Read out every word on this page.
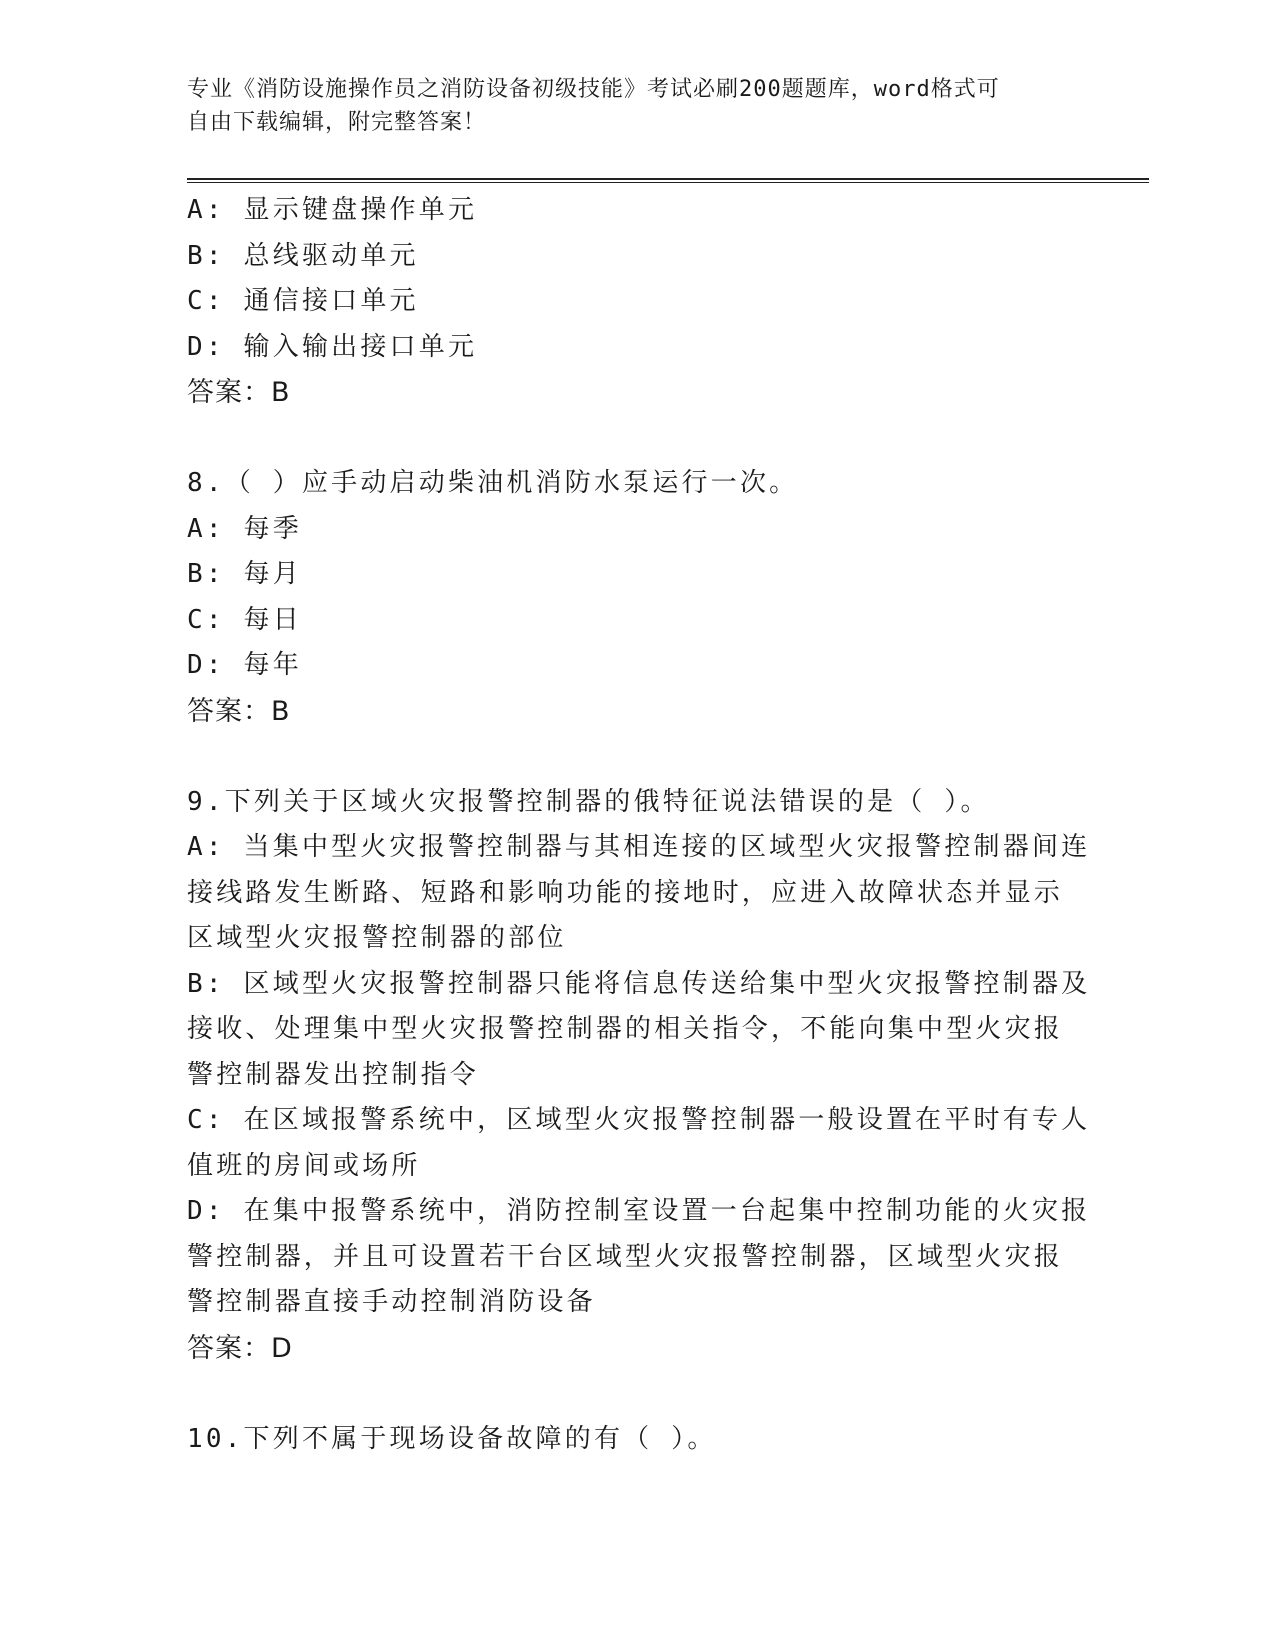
专业《消防设施操作员之消防设备初级技能》考试必刷200题题库，word格式可
自由下载编辑，附完整答案！
A: 显示键盘操作单元
B: 总线驱动单元
C: 通信接口单元
D: 输入输出接口单元
答案：B
8.（ ）应手动启动柴油机消防水泵运行一次。
A: 每季
B: 每月
C: 每日
D: 每年
答案：B
9.下列关于区域火灾报警控制器的俄特征说法错误的是（ ）。
A: 当集中型火灾报警控制器与其相连接的区域型火灾报警控制器间连
接线路发生断路、短路和影响功能的接地时，应进入故障状态并显示
区域型火灾报警控制器的部位
B: 区域型火灾报警控制器只能将信息传送给集中型火灾报警控制器及
接收、处理集中型火灾报警控制器的相关指令，不能向集中型火灾报
警控制器发出控制指令
C: 在区域报警系统中，区域型火灾报警控制器一般设置在平时有专人
值班的房间或场所
D: 在集中报警系统中，消防控制室设置一台起集中控制功能的火灾报
警控制器，并且可设置若干台区域型火灾报警控制器，区域型火灾报
警控制器直接手动控制消防设备
答案：D
10.下列不属于现场设备故障的有（ ）。
